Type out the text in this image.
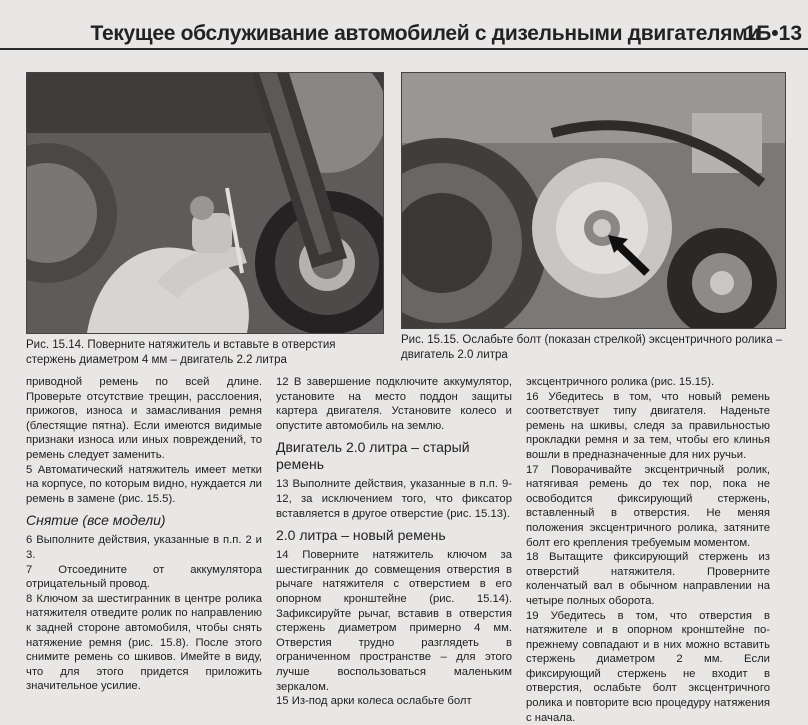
Текущее обслуживание автомобилей с дизельными двигателями
1Б•13
Рис. 15.14. Поверните натяжитель и вставьте в отверстия стержень диаметром 4 мм – двигатель 2.2 литра
Рис. 15.15. Ослабьте болт (показан стрелкой) эксцентричного ролика – двигатель 2.0 литра

приводной ремень по всей длине. Проверьте отсутствие трещин, расслоения, прижогов, износа и замасливания ремня (блестящие пятна). Если имеются видимые признаки износа или иных повреждений, то ремень следует заменить.

5 Автоматический натяжитель имеет метки на корпусе, по которым видно, нуждается ли ремень в замене (рис. 15.5).

Снятие (все модели)

6 Выполните действия, указанные в п.п. 2 и 3.

7 Отсоедините от аккумулятора отрицательный провод.

8 Ключом за шестигранник в центре ролика натяжителя отведите ролик по направлению к задней стороне автомобиля, чтобы снять натяжение ремня (рис. 15.8). После этого снимите ремень со шкивов. Имейте в виду, что для этого придется приложить значительное усилие.

12 В завершение подключите аккумулятор, установите на место поддон защиты картера двигателя. Установите колесо и опустите автомобиль на землю.

Двигатель 2.0 литра – старый ремень

13 Выполните действия, указанные в п.п. 9-12, за исключением того, что фиксатор вставляется в другое отверстие (рис. 15.13).

2.0 литра – новый ремень

14 Поверните натяжитель ключом за шестигранник до совмещения отверстия в рычаге натяжителя с отверстием в его опорном кронштейне (рис. 15.14). Зафиксируйте рычаг, вставив в отверстия стержень диаметром примерно 4 мм. Отверстия трудно разглядеть в ограниченном пространстве – для этого лучше воспользоваться маленьким зеркалом.

15 Из-под арки колеса ослабьте болт

эксцентричного ролика (рис. 15.15).

16 Убедитесь в том, что новый ремень соответствует типу двигателя. Наденьте ремень на шкивы, следя за правильностью прокладки ремня и за тем, чтобы его клинья вошли в предназначенные для них ручьи.

17 Поворачивайте эксцентричный ролик, натягивая ремень до тех пор, пока не освободится фиксирующий стержень, вставленный в отверстия. Не меняя положения эксцентричного ролика, затяните болт его крепления требуемым моментом.

18 Вытащите фиксирующий стержень из отверстий натяжителя. Проверните коленчатый вал в обычном направлении на четыре полных оборота.

19 Убедитесь в том, что отверстия в натяжителе и в опорном кронштейне по-прежнему совпадают и в них можно вставить стержень диаметром 2 мм. Если фиксирующий стержень не входит в отверстия, ослабьте болт эксцентричного ролика и повторите всю процедуру натяжения с начала.
